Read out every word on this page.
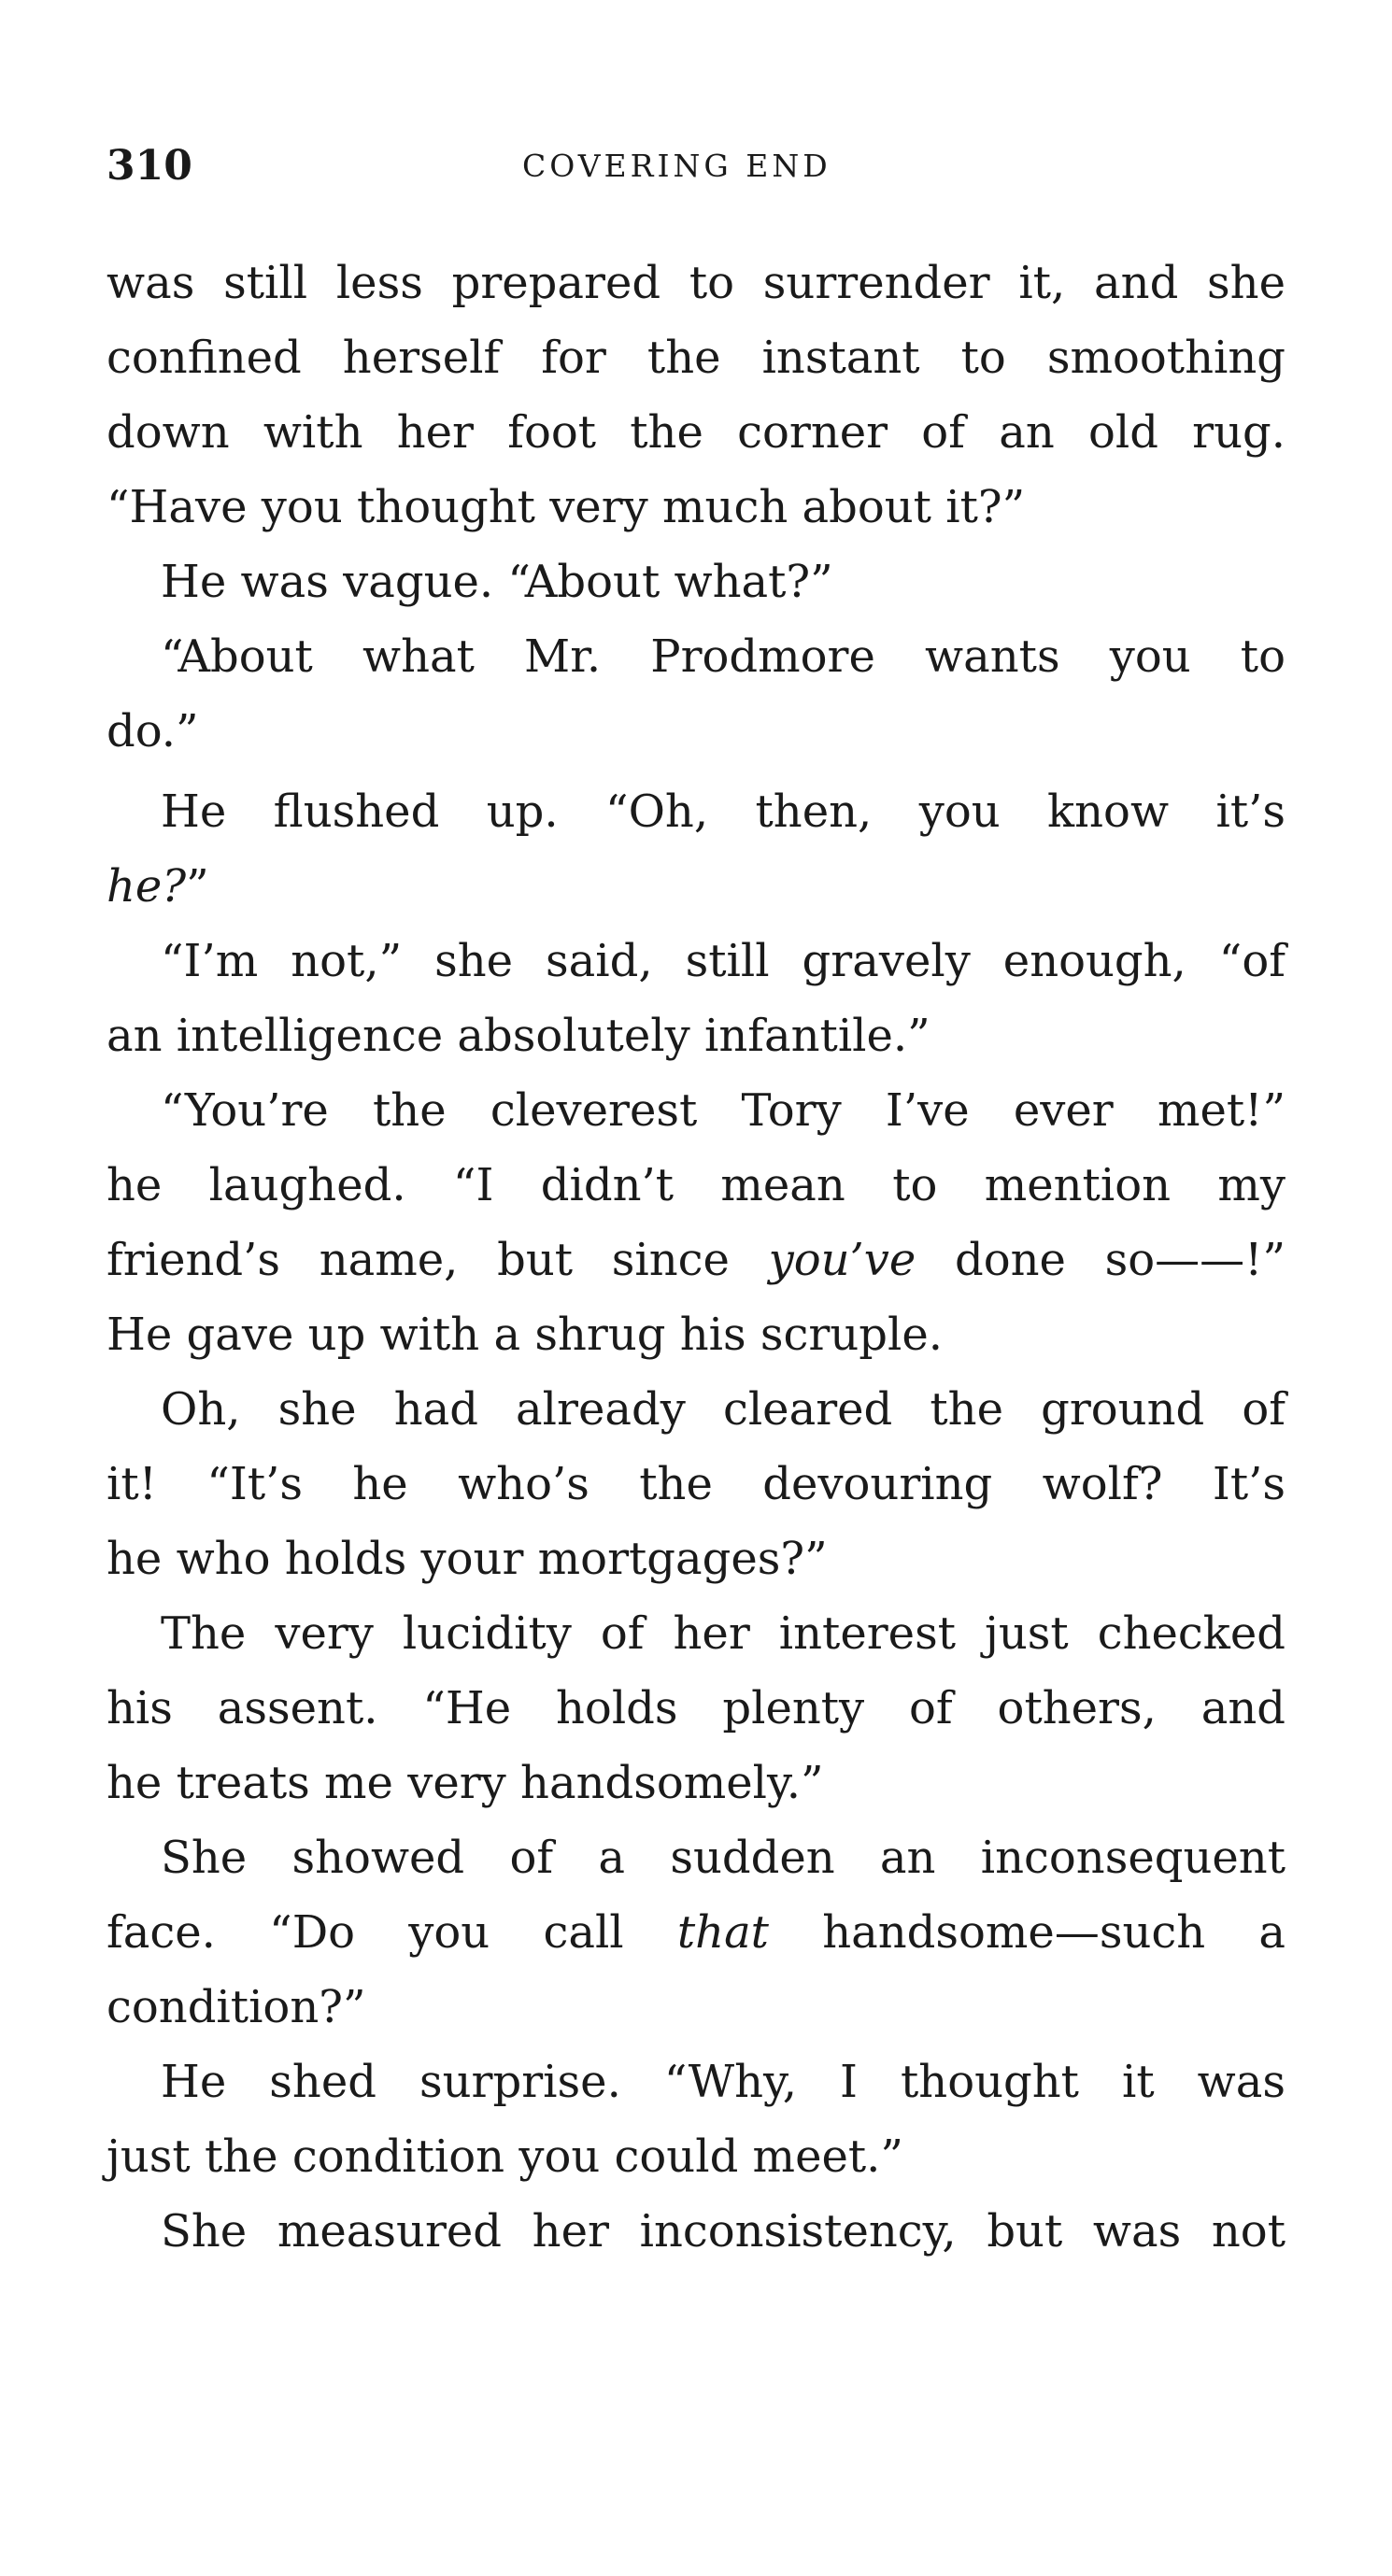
310	COVERING END
was still less prepared to surrender it, and she
confined herself for the instant to smoothing
down with her foot the corner of an old rug.
“Have you thought very much about it?”
He was vague. “About what?”
“About what Mr. Prodmore wants you to
do.”
He flushed up. “Oh, then, you know it’s
he?”
“I’m not,” she said, still gravely enough, “of
an intelligence absolutely infantile.”
“You’re the cleverest Tory I’ve ever met!”
he laughed. “I didn’t mean to mention my
friend’s name, but since you’ve done so——!”
He gave up with a shrug his scruple.
Oh, she had already cleared the ground of
it! “It’s he who’s the devouring wolf? It’s
he who holds your mortgages?”
The very lucidity of her interest just checked
his assent. “He holds plenty of others, and
he treats me very handsomely.”
She showed of a sudden an inconsequent
face. “Do you call that handsome—such a
condition?”
He shed surprise. “Why, I thought it was
just the condition you could meet.”
She measured her inconsistency, but was not
